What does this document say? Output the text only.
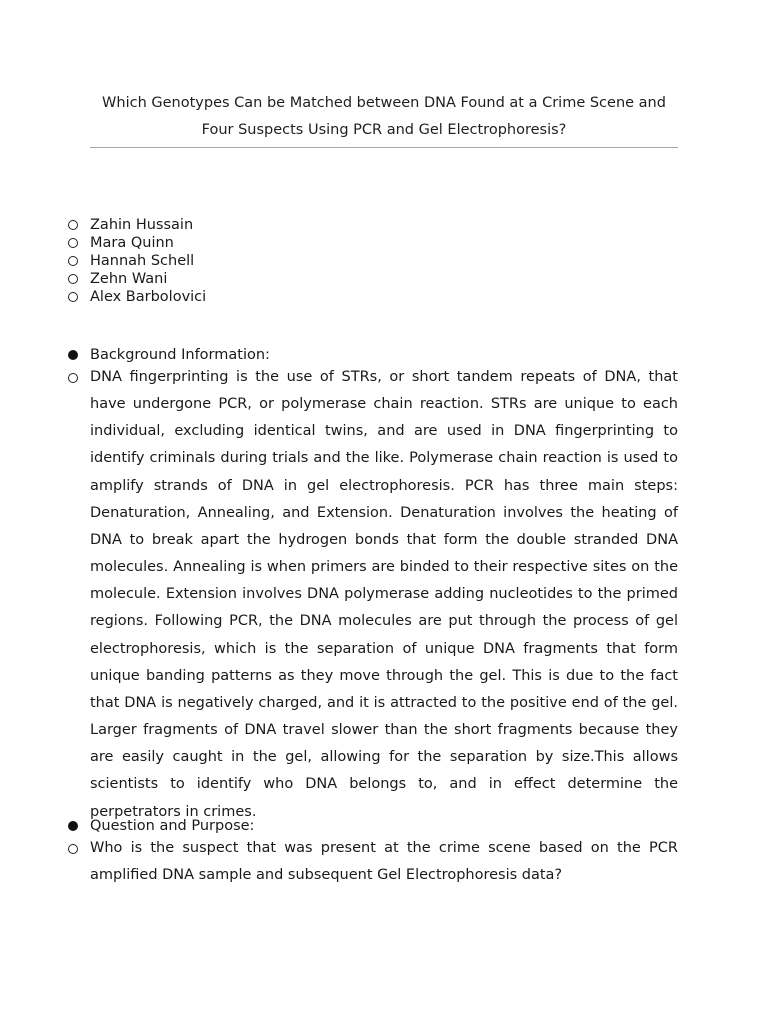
Which Genotypes Can be Matched between DNA Found at a Crime Scene and Four Suspects Using PCR and Gel Electrophoresis?
Zahin Hussain
Mara Quinn
Hannah Schell
Zehn Wani
Alex Barbolovici
Background Information:
DNA fingerprinting is the use of STRs, or short tandem repeats of DNA, that have undergone PCR, or polymerase chain reaction. STRs are unique to each individual, excluding identical twins, and are used in DNA fingerprinting to identify criminals during trials and the like. Polymerase chain reaction is used to amplify strands of DNA in gel electrophoresis. PCR has three main steps: Denaturation, Annealing, and Extension. Denaturation involves the heating of DNA to break apart the hydrogen bonds that form the double stranded DNA molecules. Annealing is when primers are binded to their respective sites on the molecule. Extension involves DNA polymerase adding nucleotides to the primed regions. Following PCR, the DNA molecules are put through the process of gel electrophoresis, which is the separation of unique DNA fragments that form unique banding patterns as they move through the gel. This is due to the fact that DNA is negatively charged, and it is attracted to the positive end of the gel. Larger fragments of DNA travel slower than the short fragments because they are easily caught in the gel, allowing for the separation by size.This allows scientists to identify who DNA belongs to, and in effect determine the perpetrators in crimes.
Question and Purpose:
Who is the suspect that was present at the crime scene based on the PCR amplified DNA sample and subsequent Gel Electrophoresis data?
